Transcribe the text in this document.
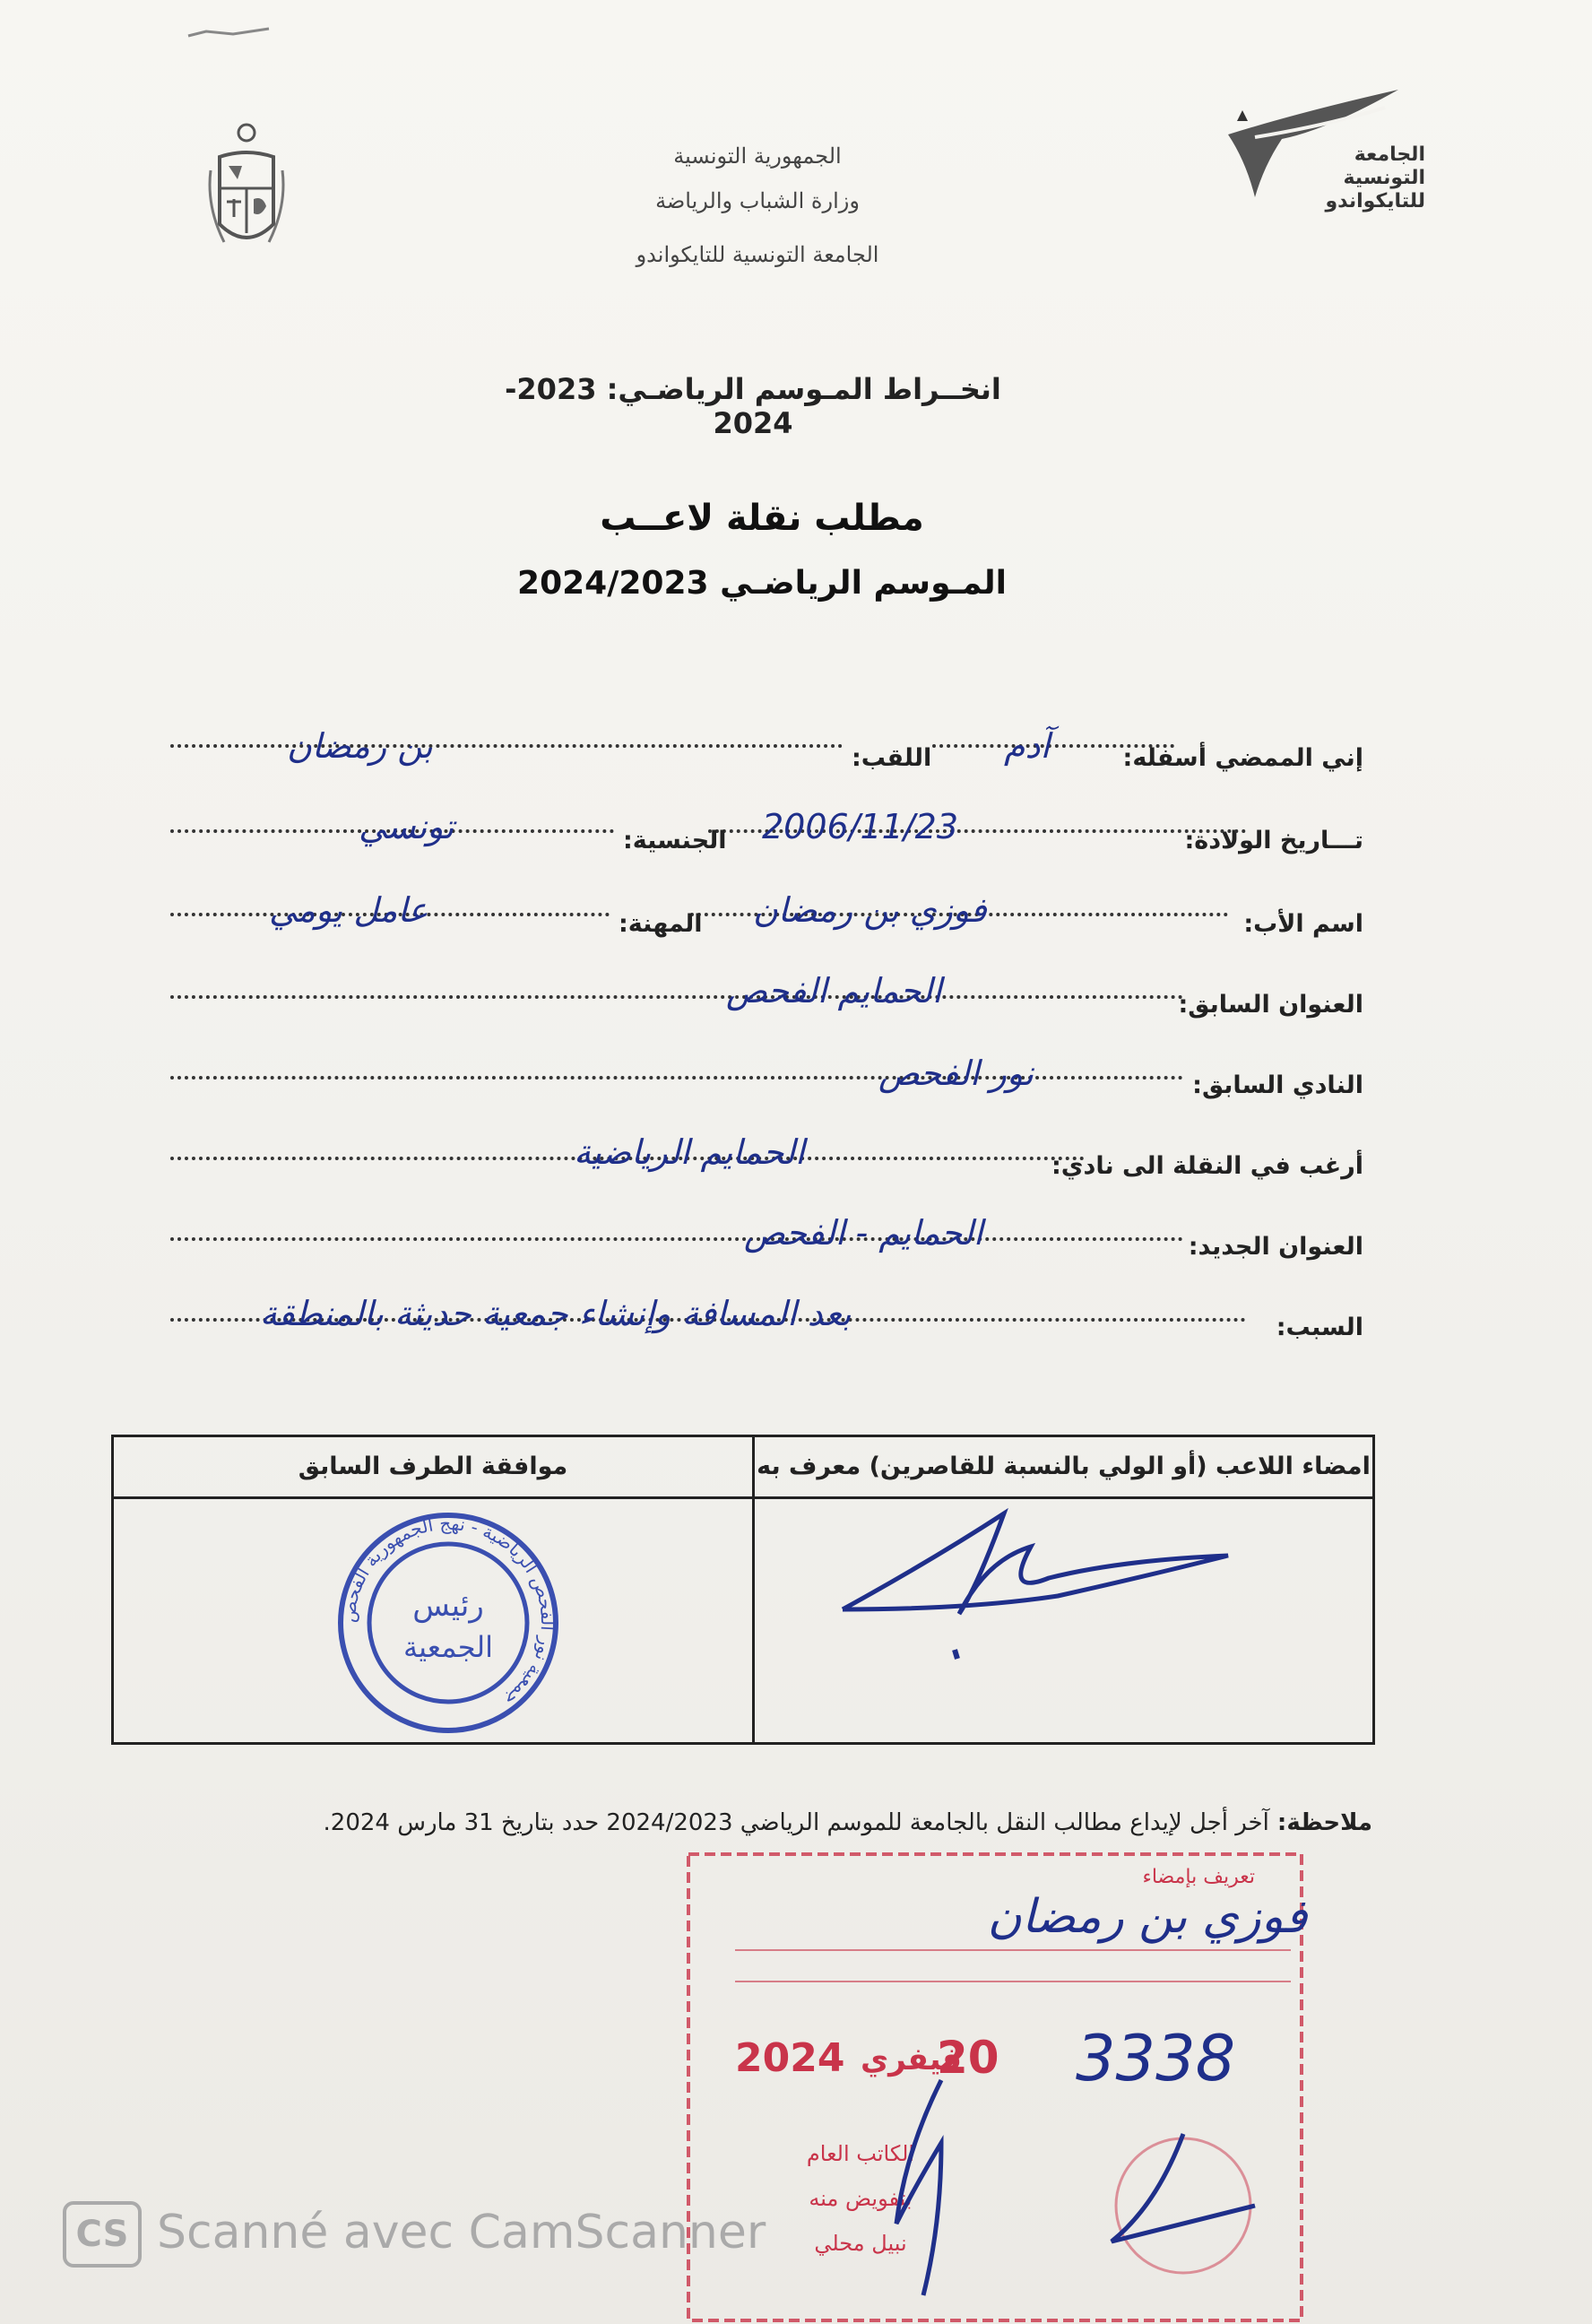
الجمهورية التونسية
وزارة الشباب والرياضة
الجامعة التونسية للتايكواندو
الجامعة
التونسية
للتايكواندو
انخــراط المـوسم الرياضـي: 2023- 2024
مطلب نقلة لاعــب
المـوسم الرياضـي 2024/2023
إني الممضي أسفله:
آدم
اللقب:
بن رمضان
تـــاريخ الولادة:
2006/11/23
الجنسية:
تونسي
اسم الأب:
فوزي بن رمضان
المهنة:
عامل يومي
العنوان السابق:
الحمايم الفحص
النادي السابق:
نور الفحص
أرغب في النقلة الى نادي:
الحمايم الرياضية
العنوان الجديد:
الحمايم - الفحص
السبب:
بعد المسافة وإنشاء جمعية حديثة بالمنطقة
امضاء اللاعب (أو الولي بالنسبة للقاصرين) معرف به
موافقة الطرف السابق
جمعية نور الفحص الرياضية - نهج الجمهورية الفحص
رئيس
الجمعية
ملاحظة: آخر أجل لإيداع مطالب النقل بالجامعة للموسم الرياضي 2024/2023 حدد بتاريخ 31 مارس 2024.
تعريف بإمضاء
فوزي بن رمضان
2024 فيفري
20 3338
الكاتب العام
بتفويض منه
نبيل محلي
CS Scanné avec CamScanner
